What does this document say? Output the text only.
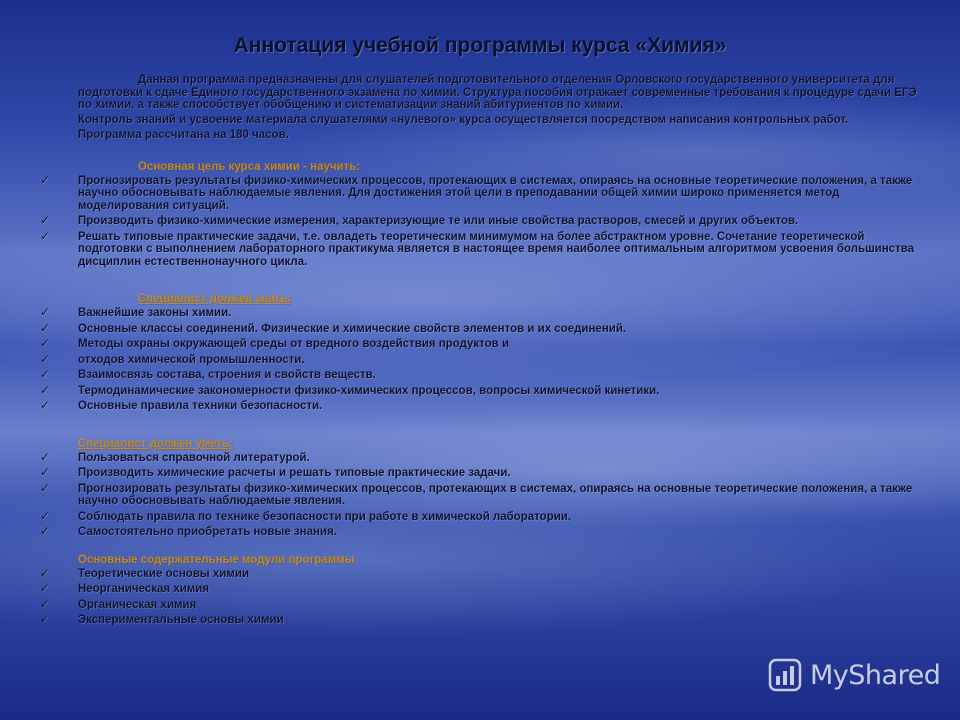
Аннотация учебной программы курса «Химия»
Данная программа предназначены для слушателей подготовительного отделения Орловского государственного университета для подготовки к сдаче Единого государственного экзамена по химии. Структура пособия отражает современные требования к процедуре сдачи ЕГЭ по химии, а также способствует обобщению и систематизации знаний абитуриентов по химии.
Контроль знаний и усвоение материала слушателями «нулевого» курса осуществляется посредством написания контрольных работ.
Программа рассчитана на 180 часов.
Основная цель курса химии - научить:
✓ Прогнозировать результаты физико-химических процессов, протекающих в системах, опираясь на основные теоретические положения, а также научно обосновывать наблюдаемые явления. Для достижения этой цели в преподавании общей химии широко применяется метод моделирования ситуаций.
✓ Производить физико-химические измерения, характеризующие те или иные свойства растворов, смесей и других объектов.
✓ Решать типовые практические задачи, т.е. овладеть теоретическим минимумом на более абстрактном уровне. Сочетание теоретической подготовки с выполнением лабораторного практикума является в настоящее время наиболее оптимальным алгоритмом усвоения большинства дисциплин естественнонаучного цикла.
Специалист должен знать:
✓ Важнейшие законы химии.
✓ Основные классы соединений. Физические и химические свойств элементов и их соединений.
✓ Методы охраны окружающей среды от вредного воздействия продуктов и
✓ отходов химической промышленности.
✓ Взаимосвязь состава, строения и свойств веществ.
✓ Термодинамические закономерности физико-химических процессов, вопросы химической кинетики.
✓ Основные правила техники безопасности.
Специалист должен уметь:
✓ Пользоваться справочной литературой.
✓ Производить химические расчеты и решать типовые практические задачи.
✓ Прогнозировать результаты физико-химических процессов, протекающих в системах, опираясь на основные теоретические положения, а также научно обосновывать наблюдаемые явления.
✓ Соблюдать правила по технике безопасности при работе в химической лаборатории.
✓ Самостоятельно приобретать новые знания.
Основные содержательные модули программы
✓ Теоретические основы химии
✓ Неорганическая химия
✓ Органическая химия
✓ Экспериментальные основы химии
MyShared
